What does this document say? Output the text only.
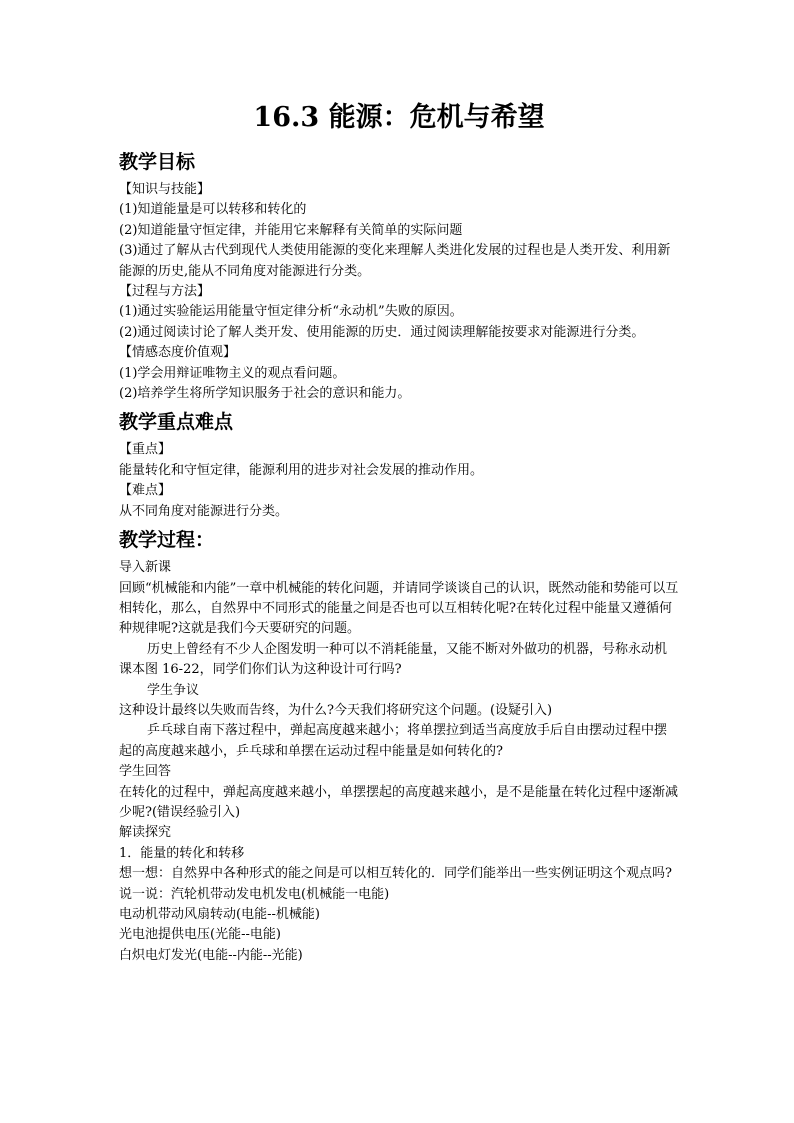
16.3 能源：危机与希望
教学目标

【知识与技能】

(1)知道能量是可以转移和转化的

(2)知道能量守恒定律，并能用它来解释有关简单的实际问题

(3)通过了解从古代到现代人类使用能源的变化来理解人类进化发展的过程也是人类开发、利用新能源的历史,能从不同角度对能源进行分类。

【过程与方法】

(1)通过实验能运用能量守恒定律分析“永动机”失败的原因。

(2)通过阅读讨论了解人类开发、使用能源的历史．通过阅读理解能按要求对能源进行分类。

【情感态度价值观】

(1)学会用辩证唯物主义的观点看问题。

(2)培养学生将所学知识服务于社会的意识和能力。

教学重点难点

【重点】

能量转化和守恒定律，能源利用的进步对社会发展的推动作用。

【难点】

从不同角度对能源进行分类。

教学过程：

导入新课

回顾“机械能和内能”一章中机械能的转化问题，并请同学谈谈自己的认识，既然动能和势能可以互相转化，那么，自然界中不同形式的能量之间是否也可以互相转化呢?在转化过程中能量又遵循何种规律呢?这就是我们今天要研究的问题。

历史上曾经有不少人企图发明一种可以不消耗能量，又能不断对外做功的机器，号称永动机课本图 16-22，同学们你们认为这种设计可行吗?

学生争议

这种设计最终以失败而告终，为什么?今天我们将研究这个问题。(设疑引入)

乒乓球自南下落过程中，弹起高度越来越小；将单摆拉到适当高度放手后自由摆动过程中摆起的高度越来越小，乒乓球和单摆在运动过程中能量是如何转化的?

学生回答

在转化的过程中，弹起高度越来越小，单摆摆起的高度越来越小，是不是能量在转化过程中逐渐减少呢?(错误经验引入)

解读探究

1．能量的转化和转移

想一想：自然界中各种形式的能之间是可以相互转化的．同学们能举出一些实例证明这个观点吗?

说一说：汽轮机带动发电机发电(机械能一电能)

电动机带动风扇转动(电能--机械能)

光电池提供电压(光能--电能)

白炽电灯发光(电能--内能--光能)
